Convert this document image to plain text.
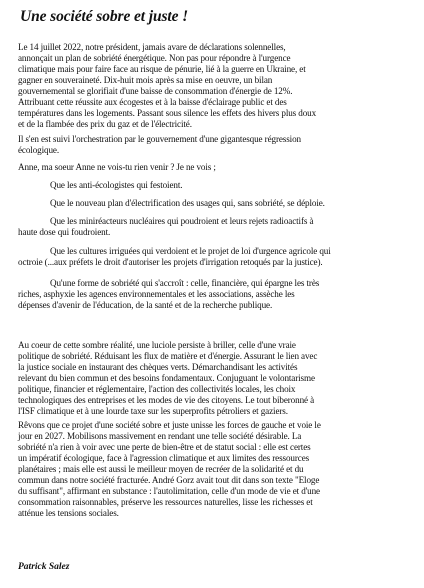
Une société sobre et juste !

Le 14 juillet 2022, notre président, jamais avare de déclarations solennelles,
annonçait un plan de sobriété énergétique. Non pas pour répondre à l'urgence
climatique mais pour faire face au risque de pénurie, lié à la guerre en Ukraine, et
gagner en souveraineté. Dix-huit mois après sa mise en oeuvre, un bilan
gouvernemental se glorifiait d'une baisse de consommation d'énergie de 12%.
Attribuant cette réussite aux écogestes et à la baisse d'éclairage public et des
températures dans les logements. Passant sous silence les effets des hivers plus doux
et de la flambée des prix du gaz et de l'électricité.

Il s'en est suivi l'orchestration par le gouvernement d'une gigantesque régression
écologique.

Anne, ma soeur Anne ne vois-tu rien venir ? Je ne vois ;

Que les anti-écologistes qui festoient.

Que le nouveau plan d'électrification des usages qui, sans sobriété, se déploie.

Que les miniréacteurs nucléaires qui poudroient et leurs rejets radioactifs à
haute dose qui foudroient.

Que les cultures irriguées qui verdoient et le projet de loi d'urgence agricole qui
octroie (...aux préfets le droit d'autoriser les projets d'irrigation retoqués par la justice).

Qu'une forme de sobriété qui s'accroît : celle, financière, qui épargne les très
riches, asphyxie les agences environnementales et les associations, assèche les
dépenses d'avenir de l'éducation, de la santé et de la recherche publique.

Au coeur de cette sombre réalité, une luciole persiste à briller, celle d'une vraie
politique de sobriété. Réduisant les flux de matière et d'énergie. Assurant le lien avec
la justice sociale en instaurant des chèques verts. Démarchandisant les activités
relevant du bien commun et des besoins fondamentaux. Conjuguant le volontarisme
politique, financier et réglementaire, l'action des collectivités locales, les choix
technologiques des entreprises et les modes de vie des citoyens. Le tout biberonné à
l'ISF climatique et à une lourde taxe sur les superprofits pétroliers et gaziers.

Rêvons que ce projet d'une société sobre et juste unisse les forces de gauche et voie le
jour en 2027. Mobilisons massivement en rendant une telle société désirable. La
sobriété n'a rien à voir avec une perte de bien-être et de statut social : elle est certes
un impératif écologique, face à l'agression climatique et aux limites des ressources
planétaires ; mais elle est aussi le meilleur moyen de recréer de la solidarité et du
commun dans notre société fracturée. André Gorz avait tout dit dans son texte "Eloge
du suffisant", affirmant en substance : l'autolimitation, celle d'un mode de vie et d'une
consommation raisonnables, préserve les ressources naturelles, lisse les richesses et
atténue les tensions sociales.

Patrick Salez
